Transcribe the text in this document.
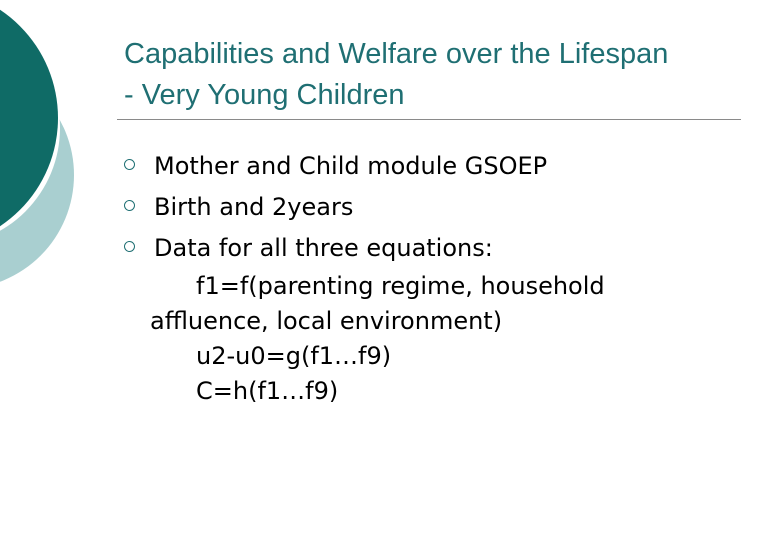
Capabilities and Welfare over the Lifespan
- Very Young Children
Mother and Child module GSOEP
Birth and 2years
Data for all three equations:
f1=f(parenting regime, household
affluence, local environment)
u2-u0=g(f1…f9)
C=h(f1…f9)
